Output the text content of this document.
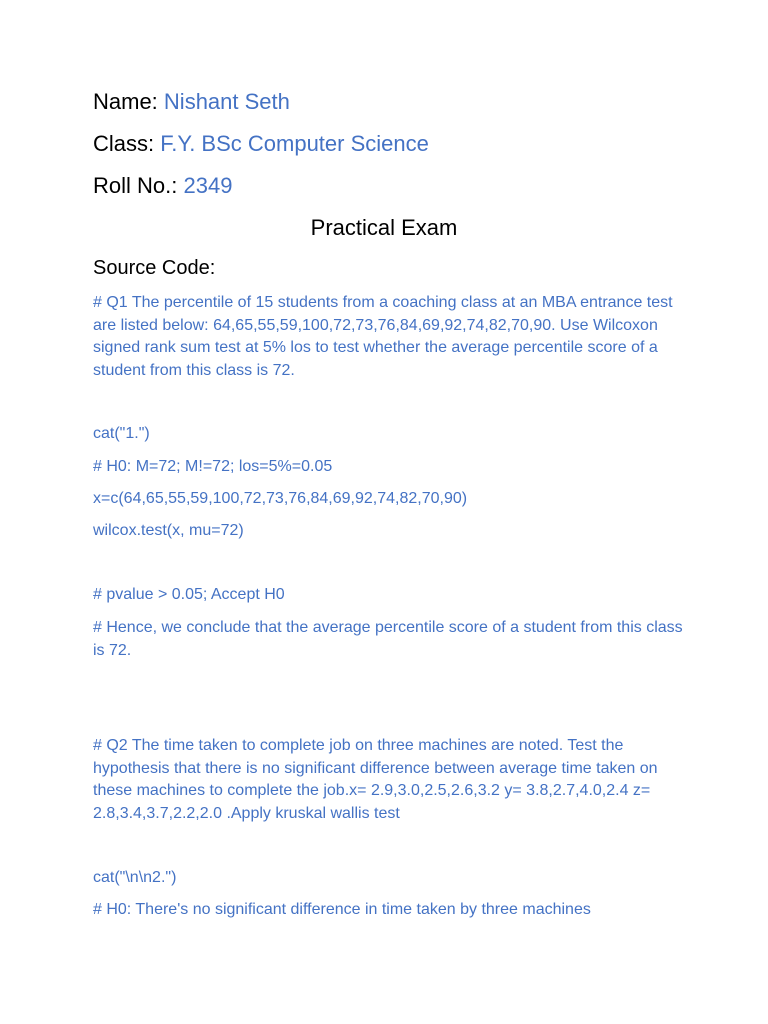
Name: Nishant Seth
Class: F.Y. BSc Computer Science
Roll No.: 2349
Practical Exam
Source Code:
# Q1 The percentile of 15 students from a coaching class at an MBA entrance test are listed below: 64,65,55,59,100,72,73,76,84,69,92,74,82,70,90. Use Wilcoxon signed rank sum test at 5% los to test whether the average percentile score of a student from this class is 72.
cat("1.")
# H0: M=72; M!=72; los=5%=0.05
x=c(64,65,55,59,100,72,73,76,84,69,92,74,82,70,90)
wilcox.test(x, mu=72)
# pvalue > 0.05; Accept H0
# Hence, we conclude that the average percentile score of a student from this class is 72.
# Q2 The time taken to complete job on three machines are noted. Test the hypothesis that there is no significant difference between average time taken on these machines to complete the job.x= 2.9,3.0,2.5,2.6,3.2 y= 3.8,2.7,4.0,2.4 z= 2.8,3.4,3.7,2.2,2.0 .Apply kruskal wallis test
cat("\n\n2.")
# H0: There's no significant difference in time taken by three machines
